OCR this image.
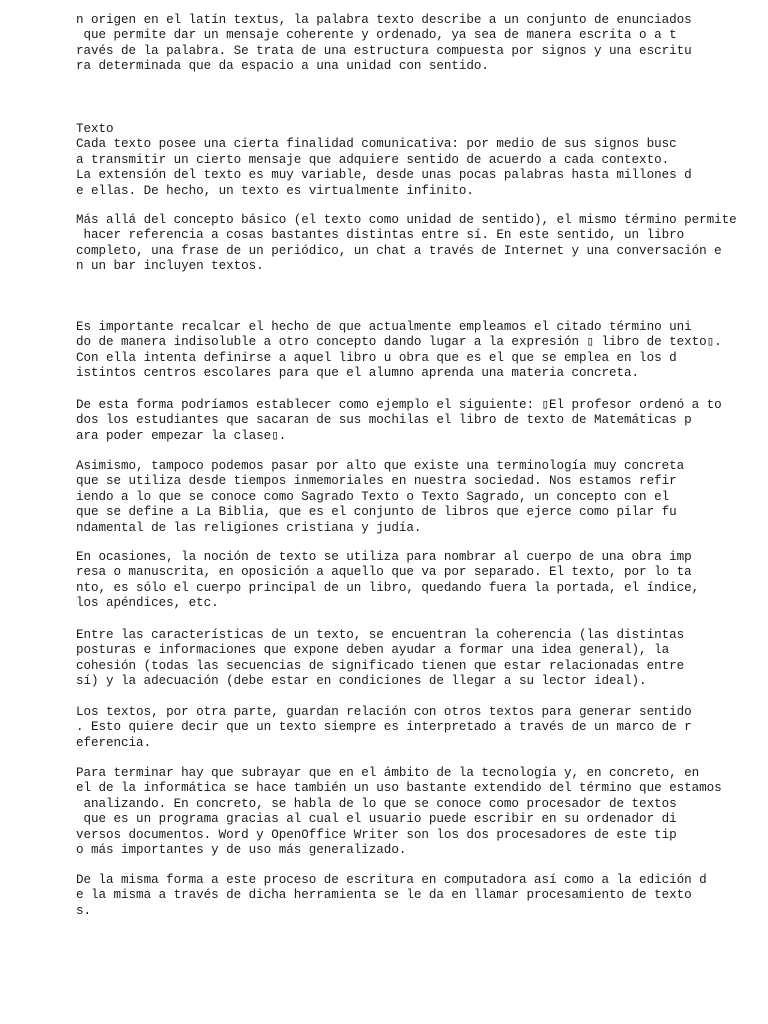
n origen en el latín textus, la palabra texto describe a un conjunto de enunciados
que permite dar un mensaje coherente y ordenado, ya sea de manera escrita o a t
ravés de la palabra. Se trata de una estructura compuesta por signos y una escritu
ra determinada que da espacio a una unidad con sentido.

Texto
Cada texto posee una cierta finalidad comunicativa: por medio de sus signos busc
a transmitir un cierto mensaje que adquiere sentido de acuerdo a cada contexto.
La extensión del texto es muy variable, desde unas pocas palabras hasta millones d
e ellas. De hecho, un texto es virtualmente infinito.

Más allá del concepto básico (el texto como unidad de sentido), el mismo término permite
hacer referencia a cosas bastantes distintas entre sí. En este sentido, un libro
completo, una frase de un periódico, un chat a través de Internet y una conversación e
n un bar incluyen textos.

Es importante recalcar el hecho de que actualmente empleamos el citado término uni
do de manera indisoluble a otro concepto dando lugar a la expresión ▯ libro de texto▯.
Con ella intenta definirse a aquel libro u obra que es el que se emplea en los d
istintos centros escolares para que el alumno aprenda una materia concreta.

De esta forma podríamos establecer como ejemplo el siguiente: ▯El profesor ordenó a to
dos los estudiantes que sacaran de sus mochilas el libro de texto de Matemáticas p
ara poder empezar la clase▯.

Asimismo, tampoco podemos pasar por alto que existe una terminología muy concreta
que se utiliza desde tiempos inmemoriales en nuestra sociedad. Nos estamos refir
iendo a lo que se conoce como Sagrado Texto o Texto Sagrado, un concepto con el
que se define a La Biblia, que es el conjunto de libros que ejerce como pilar fu
ndamental de las religiones cristiana y judía.

En ocasiones, la noción de texto se utiliza para nombrar al cuerpo de una obra imp
resa o manuscrita, en oposición a aquello que va por separado. El texto, por lo ta
nto, es sólo el cuerpo principal de un libro, quedando fuera la portada, el índice,
los apéndices, etc.

Entre las características de un texto, se encuentran la coherencia (las distintas
posturas e informaciones que expone deben ayudar a formar una idea general), la
cohesión (todas las secuencias de significado tienen que estar relacionadas entre
sí) y la adecuación (debe estar en condiciones de llegar a su lector ideal).

Los textos, por otra parte, guardan relación con otros textos para generar sentido
. Esto quiere decir que un texto siempre es interpretado a través de un marco de r
eferencia.

Para terminar hay que subrayar que en el ámbito de la tecnología y, en concreto, en
el de la informática se hace también un uso bastante extendido del término que estamos
analizando. En concreto, se habla de lo que se conoce como procesador de textos
que es un programa gracias al cual el usuario puede escribir en su ordenador di
versos documentos. Word y OpenOffice Writer son los dos procesadores de este tip
o más importantes y de uso más generalizado.

De la misma forma a este proceso de escritura en computadora así como a la edición d
e la misma a través de dicha herramienta se le da en llamar procesamiento de texto
s.
